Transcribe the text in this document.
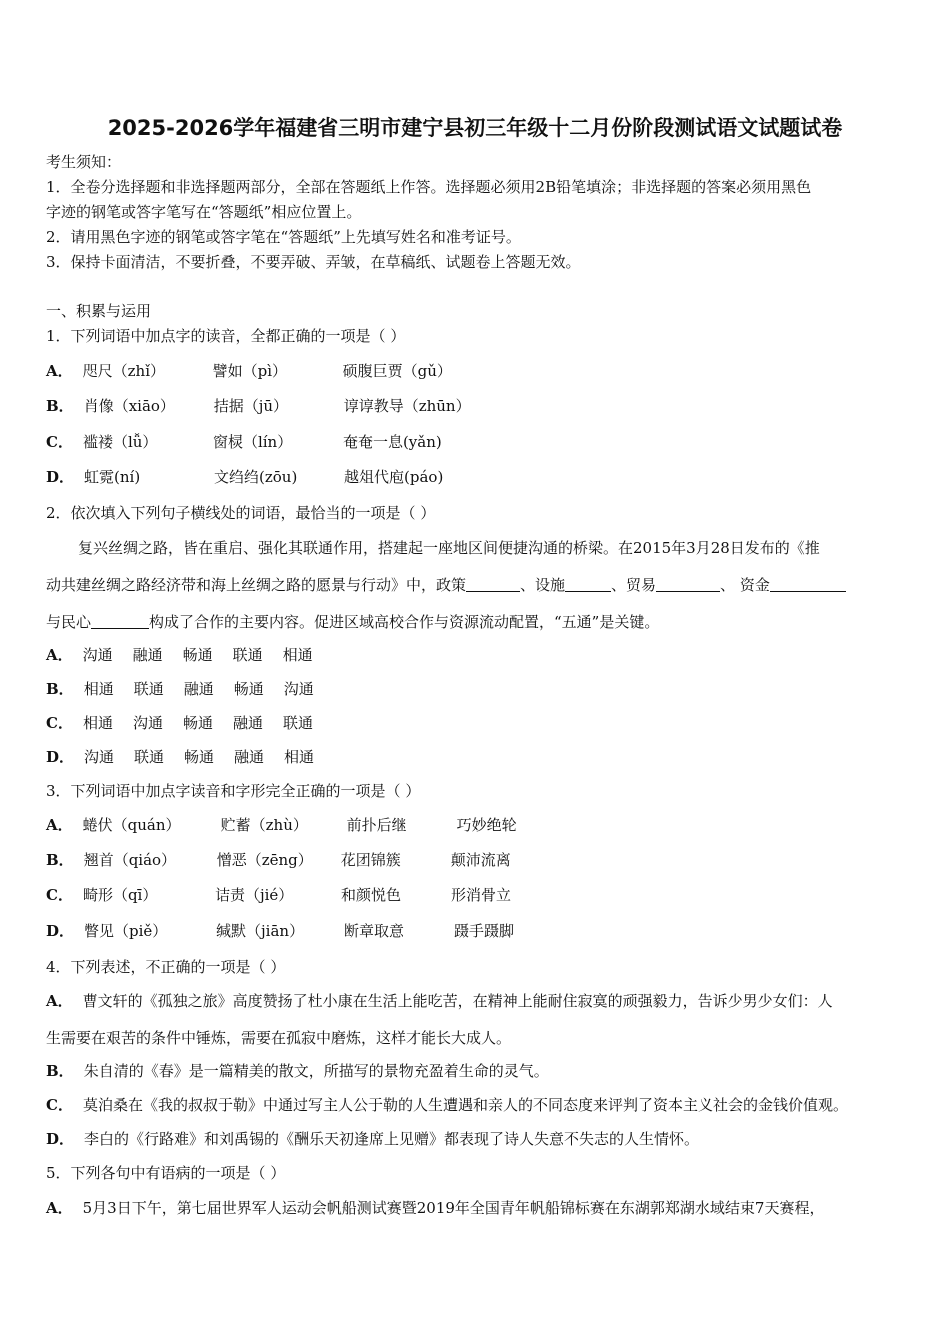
2025-2026学年福建省三明市建宁县初三年级十二月份阶段测试语文试题试卷
考生须知：
1．全卷分选择题和非选择题两部分，全部在答题纸上作答。选择题必须用2B铅笔填涂；非选择题的答案必须用黑色
字迹的钢笔或答字笔写在“答题纸”相应位置上。
2．请用黑色字迹的钢笔或答字笔在“答题纸”上先填写姓名和准考证号。
3．保持卡面清洁，不要折叠，不要弄破、弄皱，在草稿纸、试题卷上答题无效。
一、积累与运用
1．下列词语中加点字的读音，全都正确的一项是（ ）
A． 咫尺（zhǐ）	譬如（pì）	硕腹巨贾（gǔ）
B． 肖像（xiāo）	拮据（jū）	谆谆教导（zhūn）
C． 褴褛（lǚ）	窗棂（lín）	奄奄一息(yǎn)
D． 虹霓(ní)	文绉绉(zōu)	越俎代庖(páo)
2．依次填入下列句子横线处的词语，最恰当的一项是（ ）
复兴丝绸之路，皆在重启、强化其联通作用，搭建起一座地区间便捷沟通的桥梁。在2015年3月28日发布的《推
动共建丝绸之路经济带和海上丝绸之路的愿景与行动》中，政策	、设施	、贸易	、 资金
与民心	构成了合作的主要内容。促进区域高校合作与资源流动配置，“五通”是关键。
A． 沟通 融通 畅通 联通 相通
B． 相通 联通 融通 畅通 沟通
C． 相通 沟通 畅通 融通 联通
D． 沟通 联通 畅通 融通 相通
3．下列词语中加点字读音和字形完全正确的一项是（ ）
A． 蜷伏（quán）	贮蓄（zhù）	前扑后继	巧妙绝轮
B． 翘首（qiáo）	憎恶（zēng） 花团锦簇	颠沛流离
C． 畸形（qī）	诘责（jié）	和颜悦色	形消骨立
D． 瞥见（piě）	缄默（jiān）	断章取意	蹑手蹑脚
4．下列表述，不正确的一项是（ ）
A． 曹文轩的《孤独之旅》高度赞扬了杜小康在生活上能吃苦，在精神上能耐住寂寞的顽强毅力，告诉少男少女们：人
生需要在艰苦的条件中锤炼，需要在孤寂中磨炼，这样才能长大成人。
B． 朱自清的《春》是一篇精美的散文，所描写的景物充盈着生命的灵气。
C． 莫泊桑在《我的叔叔于勒》中通过写主人公于勒的人生遭遇和亲人的不同态度来评判了资本主义社会的金钱价值观。
D． 李白的《行路难》和刘禹锡的《酬乐天初逢席上见赠》都表现了诗人失意不失志的人生情怀。
5．下列各句中有语病的一项是（ ）
A． 5月3日下午，第七届世界军人运动会帆船测试赛暨2019年全国青年帆船锦标赛在东湖郭郑湖水域结束7天赛程，
